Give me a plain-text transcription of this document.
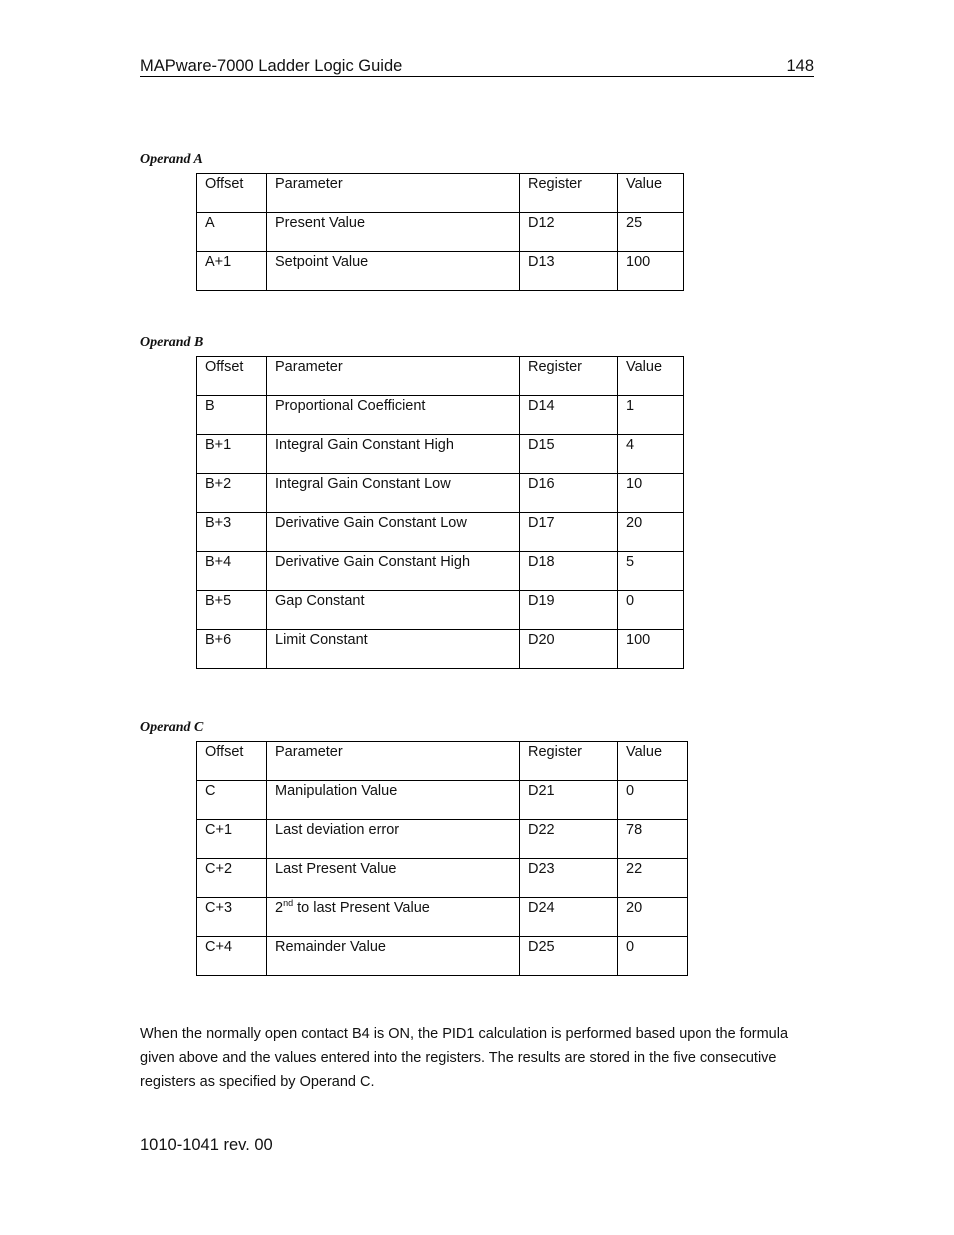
MAPware-7000 Ladder Logic Guide	148
Operand A
Offset	Parameter	Register	Value
A	Present Value	D12	25
A+1	Setpoint Value	D13	100
Operand B
Offset	Parameter	Register	Value
B	Proportional Coefficient	D14	1
B+1	Integral Gain Constant High	D15	4
B+2	Integral Gain Constant Low	D16	10
B+3	Derivative Gain Constant Low	D17	20
B+4	Derivative Gain Constant High	D18	5
B+5	Gap Constant	D19	0
B+6	Limit Constant	D20	100
Operand C
Offset	Parameter	Register	Value
C	Manipulation Value	D21	0
C+1	Last deviation error	D22	78
C+2	Last Present Value	D23	22
C+3	2nd to last Present Value	D24	20
C+4	Remainder Value	D25	0
When the normally open contact B4 is ON, the PID1 calculation is performed based upon the formula given above and the values entered into the registers. The results are stored in the five consecutive registers as specified by Operand C.
1010-1041 rev. 00
